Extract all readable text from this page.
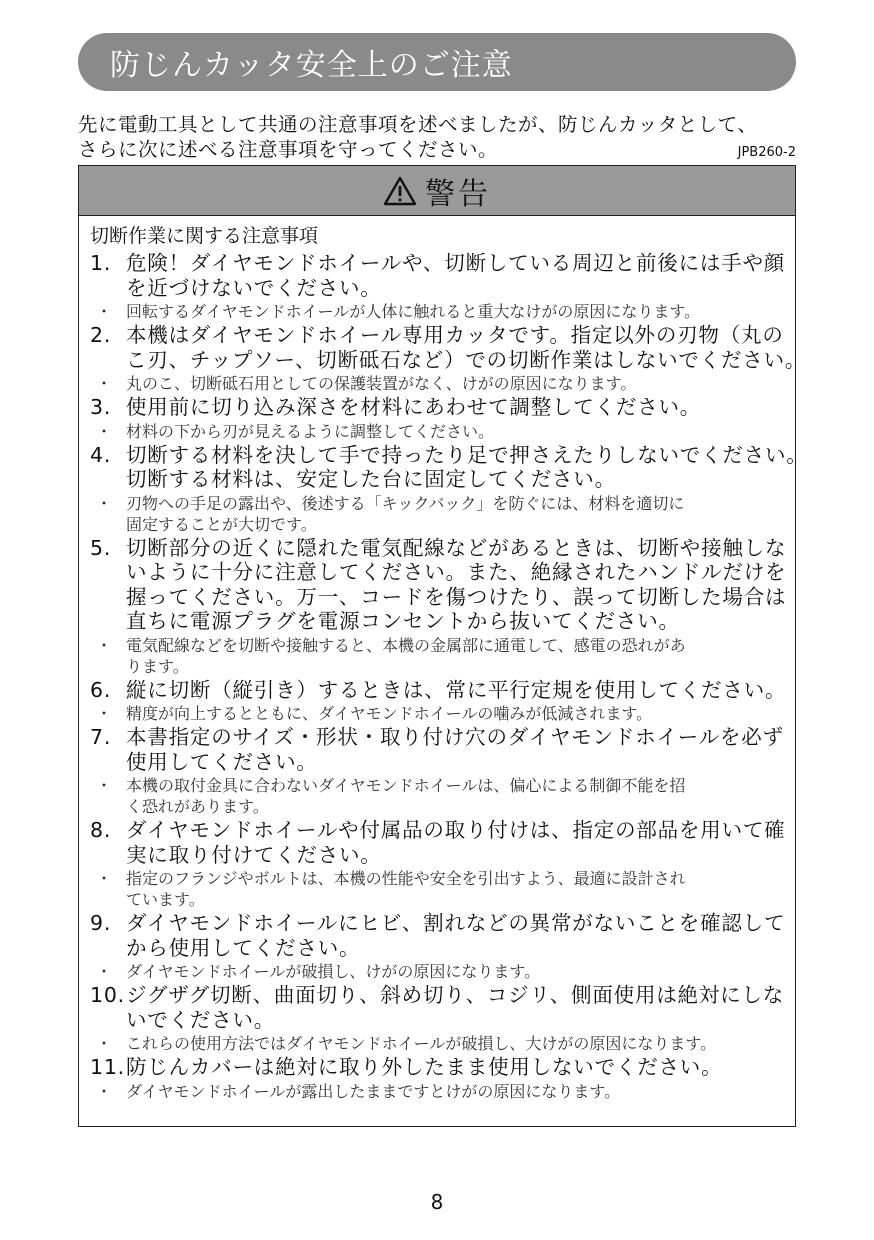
防じんカッタ安全上のご注意
先に電動工具として共通の注意事項を述べましたが、防じんカッタとして、
さらに次に述べる注意事項を守ってください。	JPB260-2
警告
切断作業に関する注意事項
1. 危険！ダイヤモンドホイールや、切断している周辺と前後には手や顔
を近づけないでください。
・ 回転するダイヤモンドホイールが人体に触れると重大なけがの原因になります。
2. 本機はダイヤモンドホイール専用カッタです。指定以外の刃物（丸の
こ刃、チップソー、切断砥石など）での切断作業はしないでください。
・ 丸のこ、切断砥石用としての保護装置がなく、けがの原因になります。
3. 使用前に切り込み深さを材料にあわせて調整してください。
・ 材料の下から刃が見えるように調整してください。
4. 切断する材料を決して手で持ったり足で押さえたりしないでください。
切断する材料は、安定した台に固定してください。
・ 刃物への手足の露出や、後述する「キックバック」を防ぐには、材料を適切に
固定することが大切です。
5. 切断部分の近くに隠れた電気配線などがあるときは、切断や接触しな
いように十分に注意してください。また、絶縁されたハンドルだけを
握ってください。万一、コードを傷つけたり、誤って切断した場合は
直ちに電源プラグを電源コンセントから抜いてください。
・ 電気配線などを切断や接触すると、本機の金属部に通電して、感電の恐れがあ
ります。
6. 縦に切断（縦引き）するときは、常に平行定規を使用してください。
・ 精度が向上するとともに、ダイヤモンドホイールの噛みが低減されます。
7. 本書指定のサイズ・形状・取り付け穴のダイヤモンドホイールを必ず
使用してください。
・ 本機の取付金具に合わないダイヤモンドホイールは、偏心による制御不能を招
く恐れがあります。
8. ダイヤモンドホイールや付属品の取り付けは、指定の部品を用いて確
実に取り付けてください。
・ 指定のフランジやボルトは、本機の性能や安全を引出すよう、最適に設計され
ています。
9. ダイヤモンドホイールにヒビ、割れなどの異常がないことを確認して
から使用してください。
・ ダイヤモンドホイールが破損し、けがの原因になります。
10. ジグザグ切断、曲面切り、斜め切り、コジリ、側面使用は絶対にしな
いでください。
・ これらの使用方法ではダイヤモンドホイールが破損し、大けがの原因になります。
11. 防じんカバーは絶対に取り外したまま使用しないでください。
・ ダイヤモンドホイールが露出したままですとけがの原因になります。
8
